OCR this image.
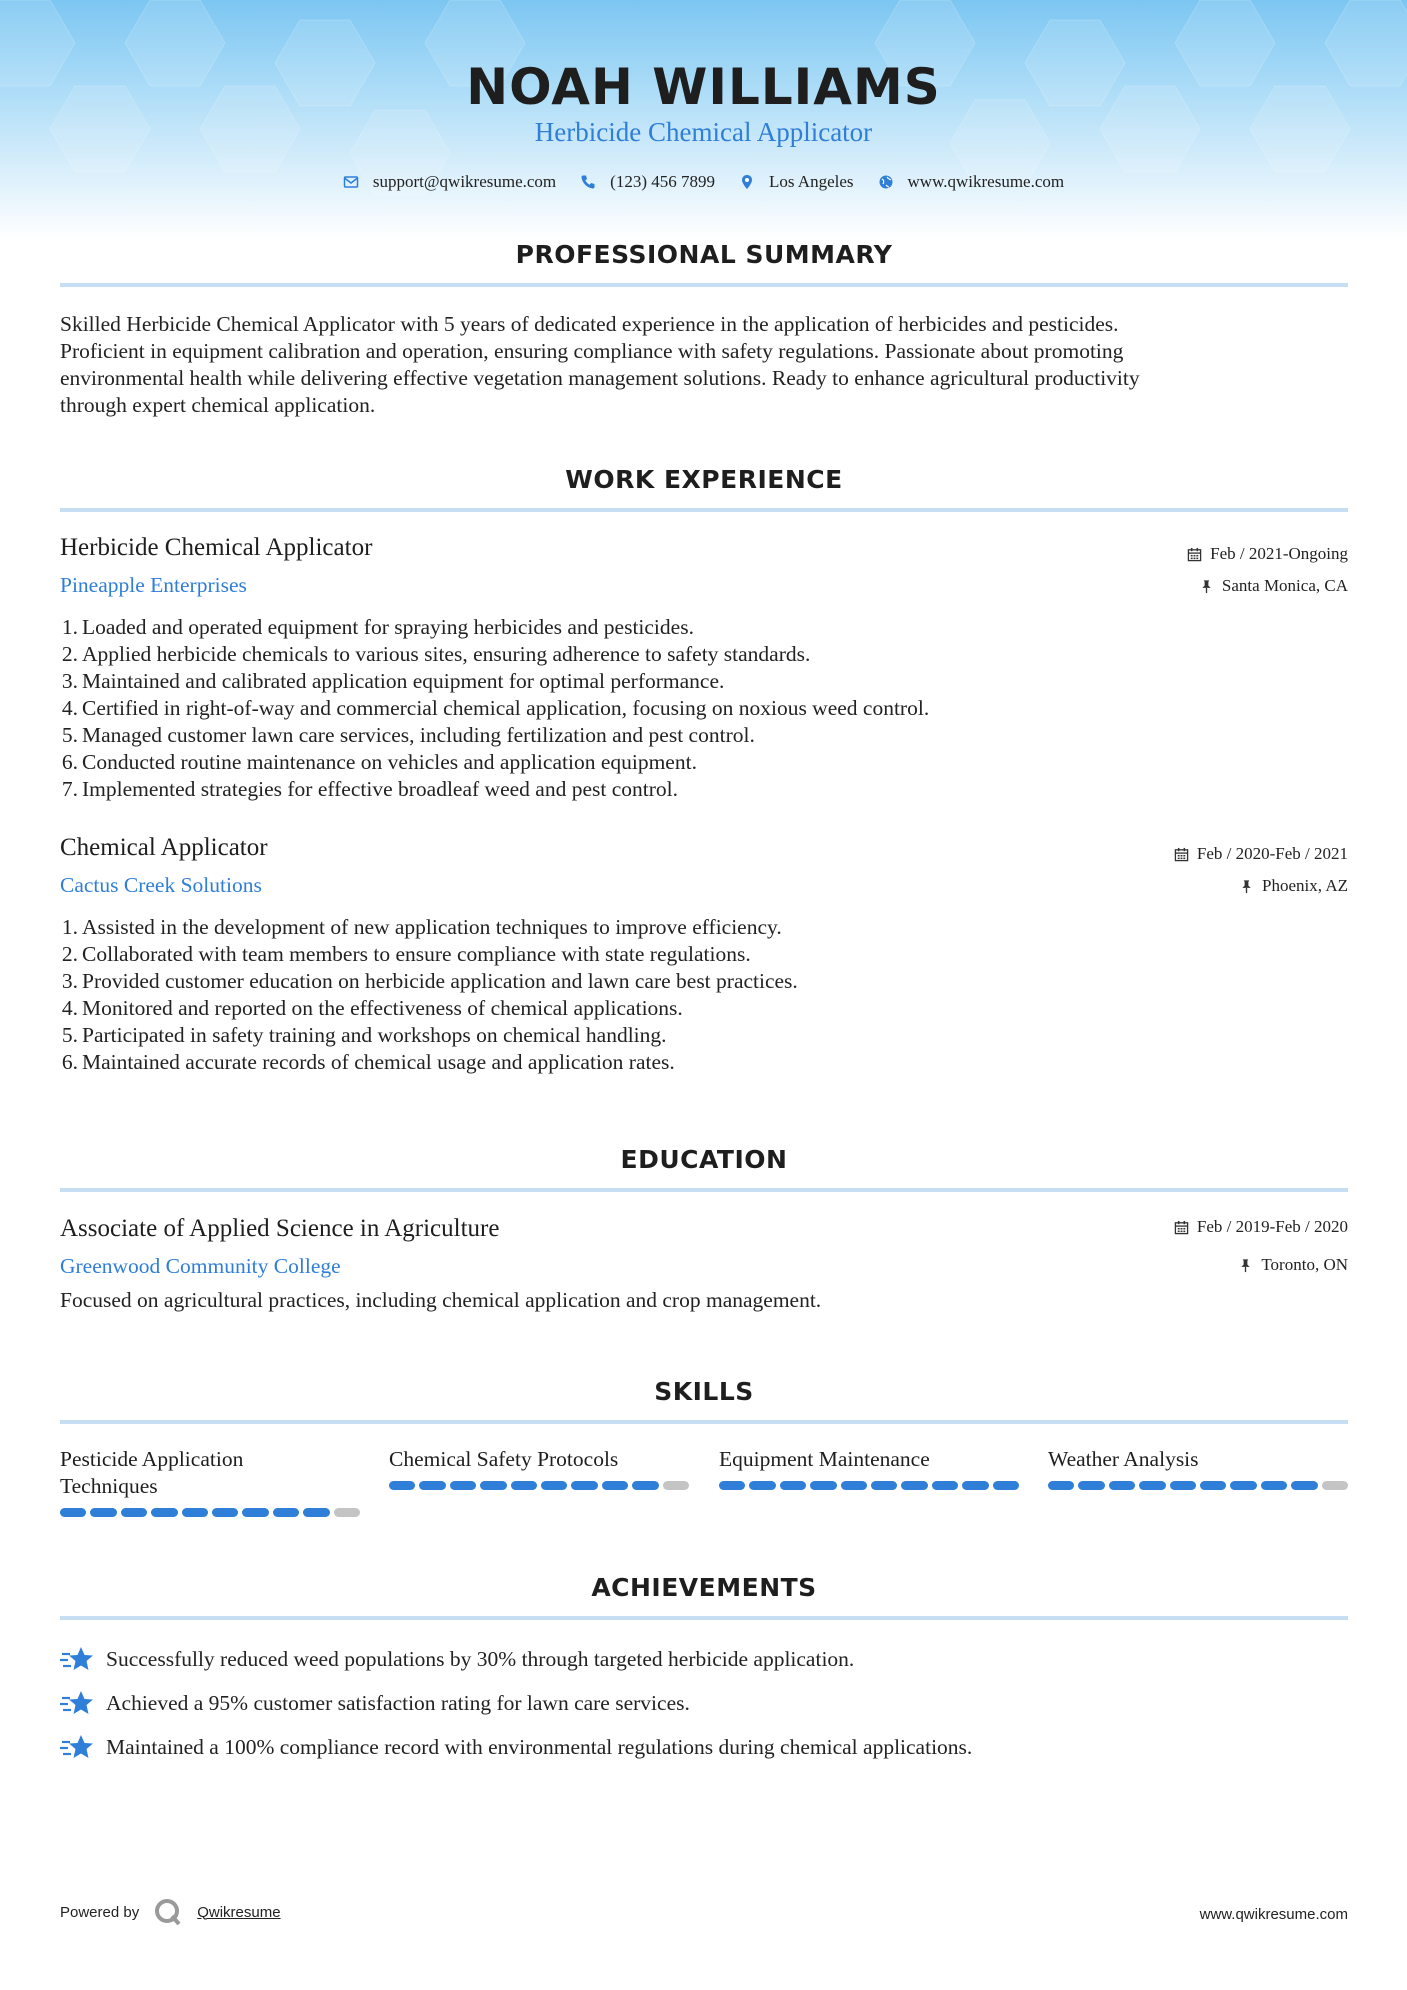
NOAH WILLIAMS
Herbicide Chemical Applicator
support@qwikresume.com	(123) 456 7899	Los Angeles	www.qwikresume.com
PROFESSIONAL SUMMARY
Skilled Herbicide Chemical Applicator with 5 years of dedicated experience in the application of herbicides and pesticides.
Proficient in equipment calibration and operation, ensuring compliance with safety regulations. Passionate about promoting
environmental health while delivering effective vegetation management solutions. Ready to enhance agricultural productivity
through expert chemical application.
WORK EXPERIENCE
Herbicide Chemical Applicator
Pineapple Enterprises
Feb / 2021-Ongoing
Santa Monica, CA
1. Loaded and operated equipment for spraying herbicides and pesticides.
2. Applied herbicide chemicals to various sites, ensuring adherence to safety standards.
3. Maintained and calibrated application equipment for optimal performance.
4. Certified in right-of-way and commercial chemical application, focusing on noxious weed control.
5. Managed customer lawn care services, including fertilization and pest control.
6. Conducted routine maintenance on vehicles and application equipment.
7. Implemented strategies for effective broadleaf weed and pest control.
Chemical Applicator
Cactus Creek Solutions
Feb / 2020-Feb / 2021
Phoenix, AZ
1. Assisted in the development of new application techniques to improve efficiency.
2. Collaborated with team members to ensure compliance with state regulations.
3. Provided customer education on herbicide application and lawn care best practices.
4. Monitored and reported on the effectiveness of chemical applications.
5. Participated in safety training and workshops on chemical handling.
6. Maintained accurate records of chemical usage and application rates.
EDUCATION
Associate of Applied Science in Agriculture
Greenwood Community College
Feb / 2019-Feb / 2020
Toronto, ON
Focused on agricultural practices, including chemical application and crop management.
SKILLS
Pesticide Application
Techniques
Chemical Safety Protocols	Equipment Maintenance	Weather Analysis
ACHIEVEMENTS
Successfully reduced weed populations by 30% through targeted herbicide application.
Achieved a 95% customer satisfaction rating for lawn care services.
Maintained a 100% compliance record with environmental regulations during chemical applications.
Powered by	Qwikresume	www.qwikresume.com
